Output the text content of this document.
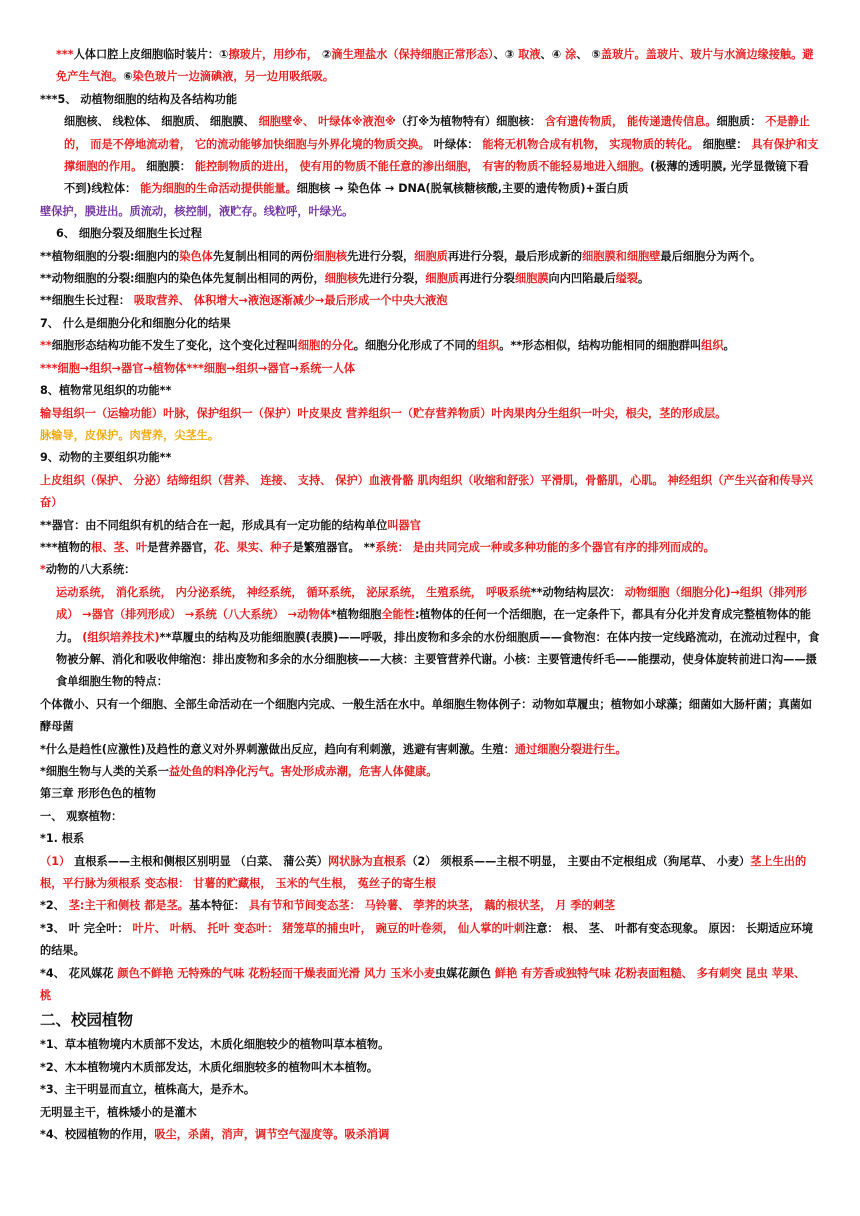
***人体口腔上皮细胞临时装片：①擦玻片，用纱布， ②滴生理盐水（保持细胞正常形态）、③ 取液、④ 涂、 ⑤盖玻片。盖玻片、玻片与水滴边缘接触。避免产生气泡。⑥染色玻片一边滴碘液，另一边用吸纸吸。

***5、 动植物细胞的结构及各结构功能

细胞核、 线粒体、 细胞质、 细胞膜、 细胞壁※、 叶绿体※液泡※（打※为植物特有）细胞核： 含有遗传物质， 能传递遗传信息。细胞质： 不是静止的， 而是不停地流动着， 它的流动能够加快细胞与外界化境的物质交换。 叶绿体： 能将无机物合成有机物， 实现物质的转化。 细胞壁： 具有保护和支撑细胞的作用。 细胞膜： 能控制物质的进出， 使有用的物质不能任意的渗出细胞， 有害的物质不能轻易地进入细胞。(极薄的透明膜, 光学显微镜下看不到)线粒体： 能为细胞的生命活动提供能量。细胞核 → 染色体 → DNA(脱氧核糖核酸,主要的遗传物质)+蛋白质

壁保护，膜进出。质流动，核控制，液贮存。线粒呼，叶绿光。

6、 细胞分裂及细胞生长过程

**植物细胞的分裂:细胞内的染色体先复制出相同的两份细胞核先进行分裂，细胞质再进行分裂，最后形成新的细胞膜和细胞壁最后细胞分为两个。

**动物细胞的分裂:细胞内的染色体先复制出相同的两份，细胞核先进行分裂，细胞质再进行分裂细胞膜向内凹陷最后缢裂。

**细胞生长过程： 吸取营养、 体积增大→液泡逐渐减少→最后形成一个中央大液泡

7、 什么是细胞分化和细胞分化的结果

**细胞形态结构功能不发生了变化，这个变化过程叫细胞的分化。细胞分化形成了不同的组织。**形态相似，结构功能相同的细胞群叫组织。

***细胞→组织→器官→植物体***细胞→组织→器官→系统一人体

8、植物常见组织的功能**

输导组织一（运输功能）叶脉，保护组织一（保护）叶皮果皮 营养组织一（贮存营养物质）叶肉果肉分生组织一叶尖，根尖，茎的形成层。

脉输导，皮保护。肉营养，尖茎生。

9、动物的主要组织功能**

上皮组织（保护、 分泌）结缔组织（营养、 连接、 支持、 保护）血液骨骼 肌肉组织（收缩和舒张）平滑肌，骨骼肌，心肌。 神经组织（产生兴奋和传导兴奋）

**器官：由不同组织有机的结合在一起，形成具有一定功能的结构单位叫器官

***植物的根、茎、叶是营养器官，花、果实、种子是繁殖器官。 **系统： 是由共同完成一种或多种功能的多个器官有序的排列而成的。

*动物的八大系统：

运动系统， 消化系统， 内分泌系统， 神经系统， 循环系统， 泌尿系统， 生殖系统， 呼吸系统**动物结构层次： 动物细胞（细胞分化)→组织（排列形成） →器官（排列形成） →系统（八大系统） →动物体*植物细胞全能性:植物体的任何一个活细胞，在一定条件下，都具有分化并发育成完整植物体的能力。 (组织培养技术)**草履虫的结构及功能细胞膜(表膜)——呼吸，排出废物和多余的水份细胞质——食物泡：在体内按一定线路流动，在流动过程中，食物被分解、消化和吸收伸缩泡：排出废物和多余的水分细胞核——大核：主要管营养代谢。小核：主要管遗传纤毛——能摆动，使身体旋转前进口沟——摄食单细胞生物的特点：

个体微小、只有一个细胞、全部生命活动在一个细胞内完成、一般生活在水中。单细胞生物体例子：动物如草履虫；植物如小球藻；细菌如大肠杆菌；真菌如酵母菌

*什么是趋性(应激性)及趋性的意义对外界刺激做出反应，趋向有利刺激，逃避有害刺激。生殖：通过细胞分裂进行生。

*细胞生物与人类的关系一益处鱼的料净化污气。害处形成赤潮，危害人体健康。

第三章 形形色色的植物

一、 观察植物：

*1. 根系

（1） 直根系——主根和侧根区别明显 （白菜、 蒲公英）网状脉为直根系（2） 须根系——主根不明显， 主要由不定根组成（狗尾草、 小麦）茎上生出的根，平行脉为须根系 变态根： 甘薯的贮藏根， 玉米的气生根， 菟丝子的寄生根

*2、 茎:主干和侧枝 都是茎。基本特征： 具有节和节间变态茎： 马铃薯、 荸荠的块茎， 藕的根状茎， 月 季的刺茎

*3、 叶 完全叶： 叶片、 叶柄、 托叶 变态叶： 猪笼草的捕虫叶， 豌豆的叶卷须， 仙人掌的叶刺注意： 根、 茎、 叶都有变态现象。 原因： 长期适应环境的结果。

*4、 花风媒花 颜色不鲜艳 无特殊的气味 花粉轻而干燥表面光滑 风力 玉米小麦虫媒花颜色 鲜艳 有芳香或独特气味 花粉表面粗糙、 多有刺突 昆虫 苹果、 桃

二、校园植物

*1、草本植物境内木质部不发达，木质化细胞较少的植物叫草本植物。

*2、木本植物境内木质部发达，木质化细胞较多的植物叫木本植物。

*3、主干明显而直立，植株高大，是乔木。

无明显主干，植株矮小的是灌木

*4、校园植物的作用，吸尘，杀菌，消声，调节空气湿度等。吸杀消调
